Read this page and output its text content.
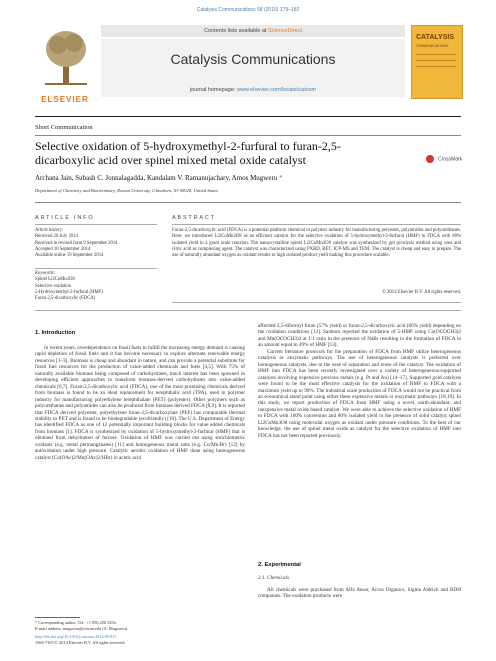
Catalysis Communications 58 (2015) 179–182
ELSEVIER
Contents lists available at ScienceDirect
Catalysis Communications
journal homepage: www.elsevier.com/locate/catcom
CATALYSIS
COMMUNICATIONS
Short Communication
Selective oxidation of 5-hydroxymethyl-2-furfural to furan-2,5-dicarboxylic acid over spinel mixed metal oxide catalyst	CrossMark
Archana Jain, Subash C. Jonnalagadda, Kandalam V. Ramanujachary, Amos Mugweru *
Department of Chemistry and Biochemistry, Rowan University, Glassboro, NJ 08028, United States
ARTICLE INFO	ABSTRACT
Article history:
Received 26 July 2014
Received in revised form 9 September 2014
Accepted 10 September 2014
Available online 19 September 2014
Keywords:
Spinel Li2CoMn3O8
Selective oxidation
5-Hydroxymethyl-2-furfural (HMF)
Furan-2,5-dicarboxylic (FDCA)
Furan-2,5-dicarboxylic acid (FDCA) is a potential platform chemical in polymer industry for manufacturing polyester, polyamides and polyurethanes. Here, we introduced Li2CoMn3O8 as an efficient catalyst for the selective oxidation of 5-hydroxymethyl-2-furfural (HMF) to FDCA with 80% isolated yield in a gram scale reaction. The nanocrystalline spinel Li2CoMn3O8 catalyst was synthesized by gel pyrolysis method using urea and citric acid as complexing agent. The catalyst was characterized using PXRD, BET, ICP-MS and TEM. The catalyst is cheap and easy to prepare. The use of naturally abundant oxygen as oxidant results to high isolated product yield making this procedure scalable.
© 2014 Elsevier B.V. All rights reserved.
1. Introduction

In recent years, overdependence on fossil fuels to fulfill the increasing energy demand is causing rapid depletion of fossil fuels and it has become necessary to explore alternate renewable energy resources [1–3]. Biomass is cheap and abundant in nature, and can provide a potential substitute for fossil fuel resources for the production of value-added chemicals and fuels [4,5]. With 75% of naturally available biomass being composed of carbohydrates, much interest has been spawned in developing efficient approaches to transform biomass-derived carbohydrates into value-added chemicals [6,7]. Furan-2,5-dicarboxylic acid (FDCA), one of the most promising chemicals derived from biomass is found to be an ideal replacement for terephthalic acid (TPA), used in polymer industry for manufacturing polyethylene terephthalate (PET) (polyester). Other polymers such as polyurethanes and polyamides can also be produced from biomass derived FDCA [8,9]. It is reported that FDCA derived polyester, polyethylene furan-2,5-dicarboxylate (PEF) has comparable thermal stability to PET and is found to be biodegradable (ecofriendly) [10]. The U.S. Department of Energy has identified FDCA as one of 12 potentially important building blocks for value added chemicals from biomass [1]. FDCA is synthesized by oxidation of 5-hydroxymethyl-2-furfural (HMF) that is obtained from dehydration of hexose. Oxidation of HMF was carried out using stoichiometric oxidants (e.g. metal permanganates) [11] and homogeneous metal salts (e.g. Co/Mn/Br) [12] by autoxidation under high pressure. Catalytic aerobic oxidation of HMF done using homogeneous catalyst (Co(OAc)2/Mn(OAc)2/HBr) in acetic acid

afforded 2,5-diformyl furan (57% yield) or furan-2,5-dicarboxylic acid (60% yield) depending on the oxidation conditions [12]. Sanborn reported the oxidation of 5-HMF using Co(OCOCH3)2 and Mn(OCOCH3)2 at 1:1 ratio in the presence of NaBr resulting in the formation of FDCA in an amount equal to 49% of HMF [13].

Current literature protocols for the preparation of FDCA from HMF utilize heterogeneous catalysis or enzymatic pathways. The use of heterogeneous catalysts is preferred over homogeneous catalysts, due to the ease of separation and reuse of the catalyst. The oxidation of HMF into FDCA has been recently investigated over a variety of heterogeneous-supported catalysts involving expensive precious metals (e.g. Pt and Au) [14–17]. Supported gold catalysts were found to be the most effective catalysts for the oxidation of HMF to FDCA with a maximum yield up to 99%. The industrial scale production of FDCA would not be practical from an economical stand point using either these expensive metals or enzymatic pathways [18,19]. In this study, we report production of FDCA from HMF using a novel, earth-abundant, and inexpensive metal oxide based catalyst. We were able to achieve the selective oxidation of HMF to FDCA with 100% conversion and 80% isolated yield in the presence of solid catalyst spinel Li2CoMn3O8 using molecular oxygen as oxidant under pressure conditions. To the best of our knowledge, the use of spinel metal oxide as catalyst for the selective oxidation of HMF into FDCA has not been reported previously.

2. Experimental
2.1. Chemicals

All chemicals were purchased from Alfa Aesar, Acros Organics, Sigma Aldrich and BDH companies. The oxidation products were

* Corresponding author. Tel.: +1 856 256 5454.
E-mail address: mugweru@rowan.edu (A. Mugweru).
http://dx.doi.org/10.1016/j.catcom.2014.09.017
1566-7367/© 2014 Elsevier B.V. All rights reserved.
